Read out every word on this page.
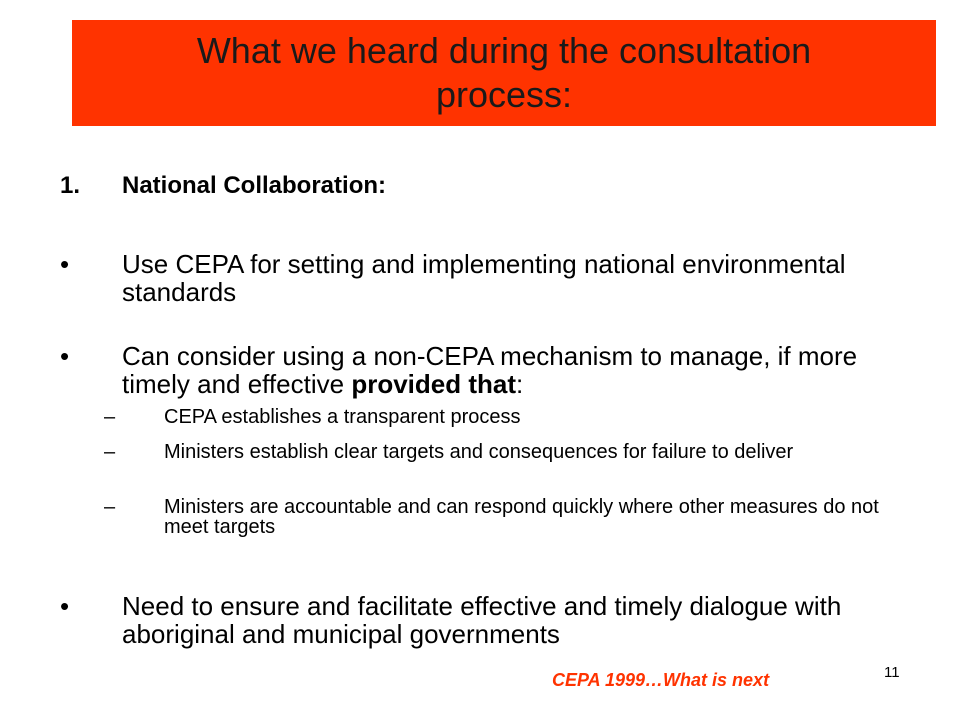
What we heard during the consultation process:
1.	National Collaboration:
•	Use CEPA for setting and implementing national environmental standards
•	Can consider using a non-CEPA mechanism to manage, if more timely and effective provided that:
–	CEPA establishes a transparent process
–	Ministers establish clear targets and consequences for failure to deliver
–	Ministers are accountable and can respond quickly where other measures do not meet targets
•	Need to ensure and facilitate effective and timely dialogue with aboriginal and municipal governments
CEPA 1999…What is next	11
